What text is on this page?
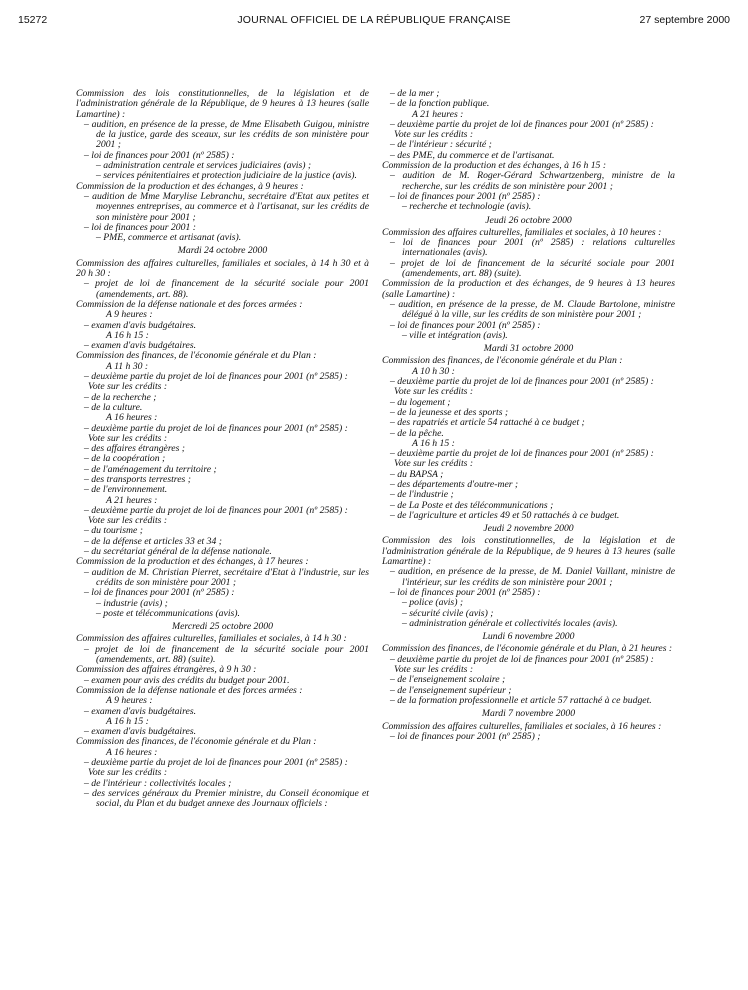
15272	JOURNAL OFFICIEL DE LA RÉPUBLIQUE FRANÇAISE	27 septembre 2000

Commission des lois constitutionnelles, de la législation et de l'administration générale de la République, de 9 heures à 13 heures (salle Lamartine) :

– audition, en présence de la presse, de Mme Elisabeth Guigou, ministre de la justice, garde des sceaux, sur les crédits de son ministère pour 2001 ;

– loi de finances pour 2001 (nº 2585) :

– administration centrale et services judiciaires (avis) ;

– services pénitentiaires et protection judiciaire de la justice (avis).

Commission de la production et des échanges, à 9 heures :

– audition de Mme Marylise Lebranchu, secrétaire d'Etat aux petites et moyennes entreprises, au commerce et à l'artisanat, sur les crédits de son ministère pour 2001 ;

– loi de finances pour 2001 :

– PME, commerce et artisanat (avis).

Mardi 24 octobre 2000

Commission des affaires culturelles, familiales et sociales, à 14 h 30 et à 20 h 30 :

– projet de loi de financement de la sécurité sociale pour 2001 (amendements, art. 88).

Commission de la défense nationale et des forces armées :

A 9 heures :

– examen d'avis budgétaires.

A 16 h 15 :

– examen d'avis budgétaires.

Commission des finances, de l'économie générale et du Plan :

A 11 h 30 :

– deuxième partie du projet de loi de finances pour 2001 (nº 2585) :

Vote sur les crédits :

– de la recherche ;

– de la culture.

A 16 heures :

– deuxième partie du projet de loi de finances pour 2001 (nº 2585) :

Vote sur les crédits :

– des affaires étrangères ;

– de la coopération ;

– de l'aménagement du territoire ;

– des transports terrestres ;

– de l'environnement.

A 21 heures :

– deuxième partie du projet de loi de finances pour 2001 (nº 2585) :

Vote sur les crédits :

– du tourisme ;

– de la défense et articles 33 et 34 ;

– du secrétariat général de la défense nationale.

Commission de la production et des échanges, à 17 heures :

– audition de M. Christian Pierret, secrétaire d'Etat à l'industrie, sur les crédits de son ministère pour 2001 ;

– loi de finances pour 2001 (nº 2585) :

– industrie (avis) ;

– poste et télécommunications (avis).

Mercredi 25 octobre 2000

Commission des affaires culturelles, familiales et sociales, à 14 h 30 :

– projet de loi de financement de la sécurité sociale pour 2001 (amendements, art. 88) (suite).

Commission des affaires étrangères, à 9 h 30 :

– examen pour avis des crédits du budget pour 2001.

Commission de la défense nationale et des forces armées :

A 9 heures :

– examen d'avis budgétaires.

A 16 h 15 :

– examen d'avis budgétaires.

Commission des finances, de l'économie générale et du Plan :

A 16 heures :

– deuxième partie du projet de loi de finances pour 2001 (nº 2585) :

Vote sur les crédits :

– de l'intérieur : collectivités locales ;

– des services généraux du Premier ministre, du Conseil économique et social, du Plan et du budget annexe des Journaux officiels :

– de la mer ;

– de la fonction publique.

A 21 heures :

– deuxième partie du projet de loi de finances pour 2001 (nº 2585) :

Vote sur les crédits :

– de l'intérieur : sécurité ;

– des PME, du commerce et de l'artisanat.

Commission de la production et des échanges, à 16 h 15 :

– audition de M. Roger-Gérard Schwartzenberg, ministre de la recherche, sur les crédits de son ministère pour 2001 ;

– loi de finances pour 2001 (nº 2585) :

– recherche et technologie (avis).

Jeudi 26 octobre 2000

Commission des affaires culturelles, familiales et sociales, à 10 heures :

– loi de finances pour 2001 (nº 2585) : relations culturelles internationales (avis).

– projet de loi de financement de la sécurité sociale pour 2001 (amendements, art. 88) (suite).

Commission de la production et des échanges, de 9 heures à 13 heures (salle Lamartine) :

– audition, en présence de la presse, de M. Claude Bartolone, ministre délégué à la ville, sur les crédits de son ministère pour 2001 ;

– loi de finances pour 2001 (nº 2585) :

– ville et intégration (avis).

Mardi 31 octobre 2000

Commission des finances, de l'économie générale et du Plan :

A 10 h 30 :

– deuxième partie du projet de loi de finances pour 2001 (nº 2585) :

Vote sur les crédits :

– du logement ;

– de la jeunesse et des sports ;

– des rapatriés et article 54 rattaché à ce budget ;

– de la pêche.

A 16 h 15 :

– deuxième partie du projet de loi de finances pour 2001 (nº 2585) :

Vote sur les crédits :

– du BAPSA ;

– des départements d'outre-mer ;

– de l'industrie ;

– de La Poste et des télécommunications ;

– de l'agriculture et articles 49 et 50 rattachés à ce budget.

Jeudi 2 novembre 2000

Commission des lois constitutionnelles, de la législation et de l'administration générale de la République, de 9 heures à 13 heures (salle Lamartine) :

– audition, en présence de la presse, de M. Daniel Vaillant, ministre de l'intérieur, sur les crédits de son ministère pour 2001 ;

– loi de finances pour 2001 (nº 2585) :

– police (avis) ;

– sécurité civile (avis) ;

– administration générale et collectivités locales (avis).

Lundi 6 novembre 2000

Commission des finances, de l'économie générale et du Plan, à 21 heures :

– deuxième partie du projet de loi de finances pour 2001 (nº 2585) :

Vote sur les crédits :

– de l'enseignement scolaire ;

– de l'enseignement supérieur ;

– de la formation professionnelle et article 57 rattaché à ce budget.

Mardi 7 novembre 2000

Commission des affaires culturelles, familiales et sociales, à 16 heures :

– loi de finances pour 2001 (nº 2585) ;
